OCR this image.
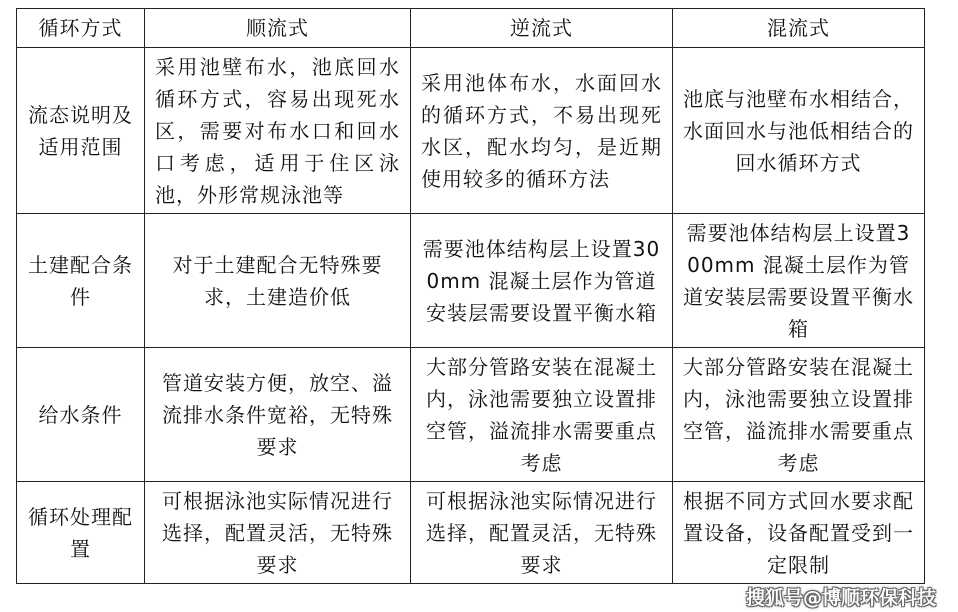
循环方式	顺流式	逆流式	混流式
流态说明及适用范围	采用池壁布水，池底回水循环方式，容易出现死水区，需要对布水口和回水口考虑，适用于住区泳池，外形常规泳池等	采用池体布水，水面回水的循环方式，不易出现死水区，配水均匀，是近期使用较多的循环方法	池底与池壁布水相结合，水面回水与池低相结合的回水循环方式
土建配合条件	对于土建配合无特殊要求，土建造价低	需要池体结构层上设置300mm 混凝土层作为管道安装层需要设置平衡水箱	需要池体结构层上设置300mm 混凝土层作为管道安装层需要设置平衡水箱
给水条件	管道安装方便，放空、溢流排水条件宽裕，无特殊要求	大部分管路安装在混凝土内，泳池需要独立设置排空管，溢流排水需要重点考虑	大部分管路安装在混凝土内，泳池需要独立设置排空管，溢流排水需要重点考虑
循环处理配置	可根据泳池实际情况进行选择，配置灵活，无特殊要求	可根据泳池实际情况进行选择，配置灵活，无特殊要求	根据不同方式回水要求配置设备，设备配置受到一定限制
搜狐号@博顺环保科技
